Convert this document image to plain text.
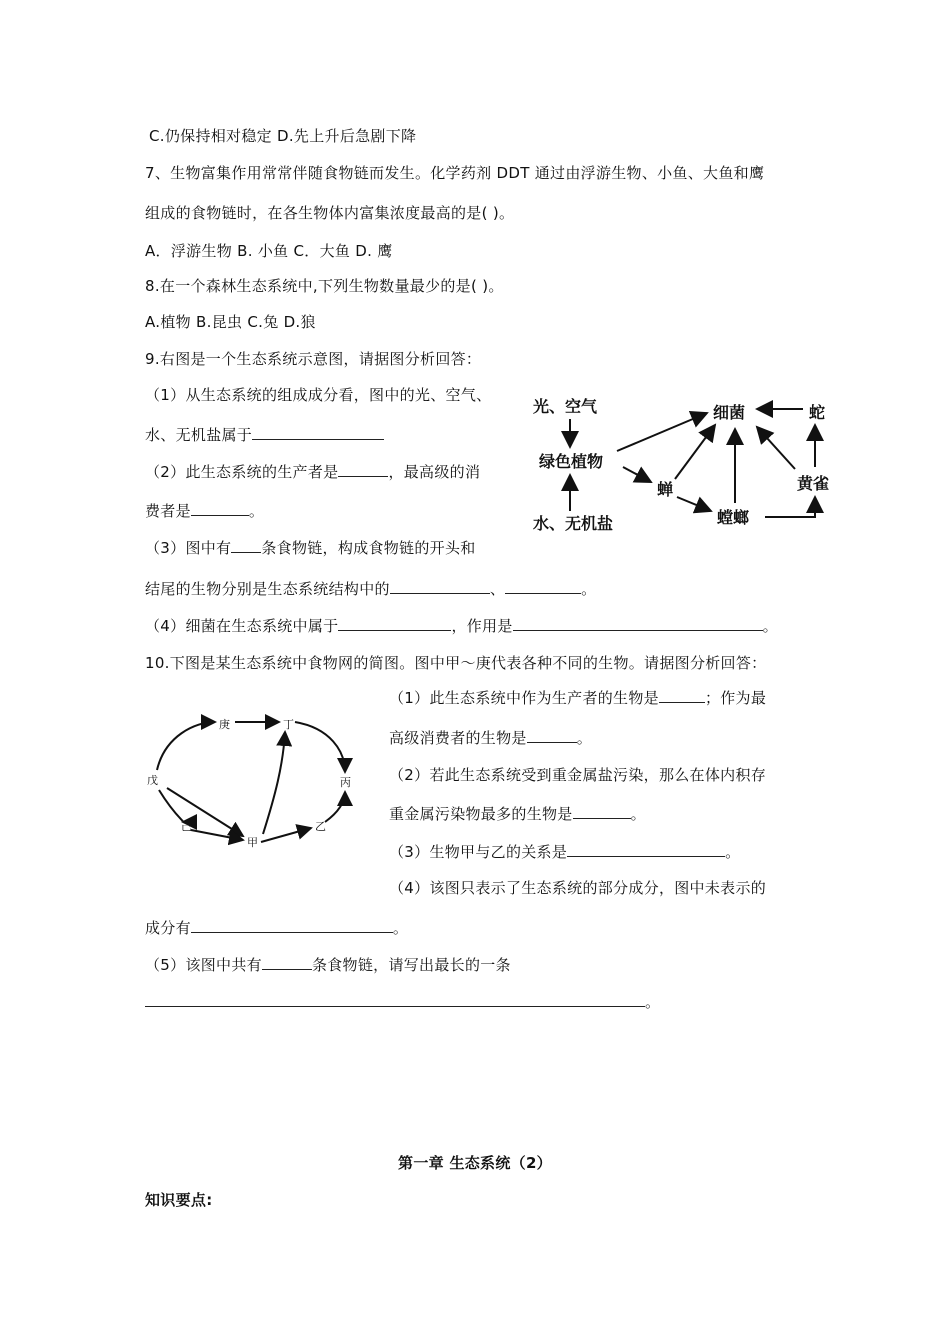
C.仍保持相对稳定 D.先上升后急剧下降
7、生物富集作用常常伴随食物链而发生。化学药剂 DDT 通过由浮游生物、小鱼、大鱼和鹰
组成的食物链时，在各生物体内富集浓度最高的是( )。
A．浮游生物 B. 小鱼 C．大鱼 D. 鹰
8.在一个森林生态系统中,下列生物数量最少的是( )。
A.植物 B.昆虫 C.兔 D.狼
9.右图是一个生态系统示意图，请据图分析回答：
（1）从生态系统的组成成分看，图中的光、空气、
水、无机盐属于
（2）此生态系统的生产者是	，最高级的消
费者是	。
（3）图中有 条食物链，构成食物链的开头和
结尾的生物分别是生态系统结构中的	、	。
（4）细菌在生态系统中属于	，作用是	。
光、空气
绿色植物
水、无机盐
细菌	蛇
蝉
螳螂
黄雀
10.下图是某生态系统中食物网的简图。图中甲～庚代表各种不同的生物。请据图分析回答：
（1）此生态系统中作为生产者的生物是	；作为最
高级消费者的生物是	。
（2）若此生态系统受到重金属盐污染，那么在体内积存
重金属污染物最多的生物是	。
（3）生物甲与乙的关系是	。
（4）该图只表示了生态系统的部分成分，图中未表示的
成分有	。
（5）该图中共有	条食物链，请写出最长的一条
。
庚	丁
戊	丙
己
甲
乙
第一章 生态系统（2）
知识要点:
